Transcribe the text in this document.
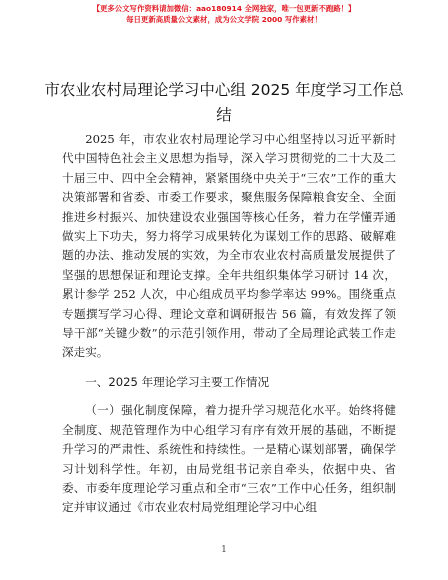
【更多公文写作资料请加微信：aao180914 全网独家，唯一包更新不跑路！】
每日更新高质量公文素材，成为公文学院 2000 写作素材！
市农业农村局理论学习中心组 2025 年度学习工作总结

2025 年，市农业农村局理论学习中心组坚持以习近平新时代中国特色社会主义思想为指导，深入学习贯彻党的二十大及二十届三中、四中全会精神，紧紧围绕中央关于“三农”工作的重大决策部署和省委、市委工作要求，聚焦服务保障粮食安全、全面推进乡村振兴、加快建设农业强国等核心任务，着力在学懂弄通做实上下功夫，努力将学习成果转化为谋划工作的思路、破解难题的办法、推动发展的实效，为全市农业农村高质量发展提供了坚强的思想保证和理论支撑。全年共组织集体学习研讨 14 次，累计参学 252 人次，中心组成员平均参学率达 99%。围绕重点专题撰写学习心得、理论文章和调研报告 56 篇，有效发挥了领导干部“关键少数”的示范引领作用，带动了全局理论武装工作走深走实。

一、2025 年理论学习主要工作情况

（一）强化制度保障，着力提升学习规范化水平。始终将健全制度、规范管理作为中心组学习有序有效开展的基础，不断提升学习的严肃性、系统性和持续性。一是精心谋划部署，确保学习计划科学性。年初，由局党组书记亲自牵头，依据中央、省委、市委年度理论学习重点和全市“三农”工作中心任务，组织制定并审议通过《市农业农村局党组理论学习中心组

1
